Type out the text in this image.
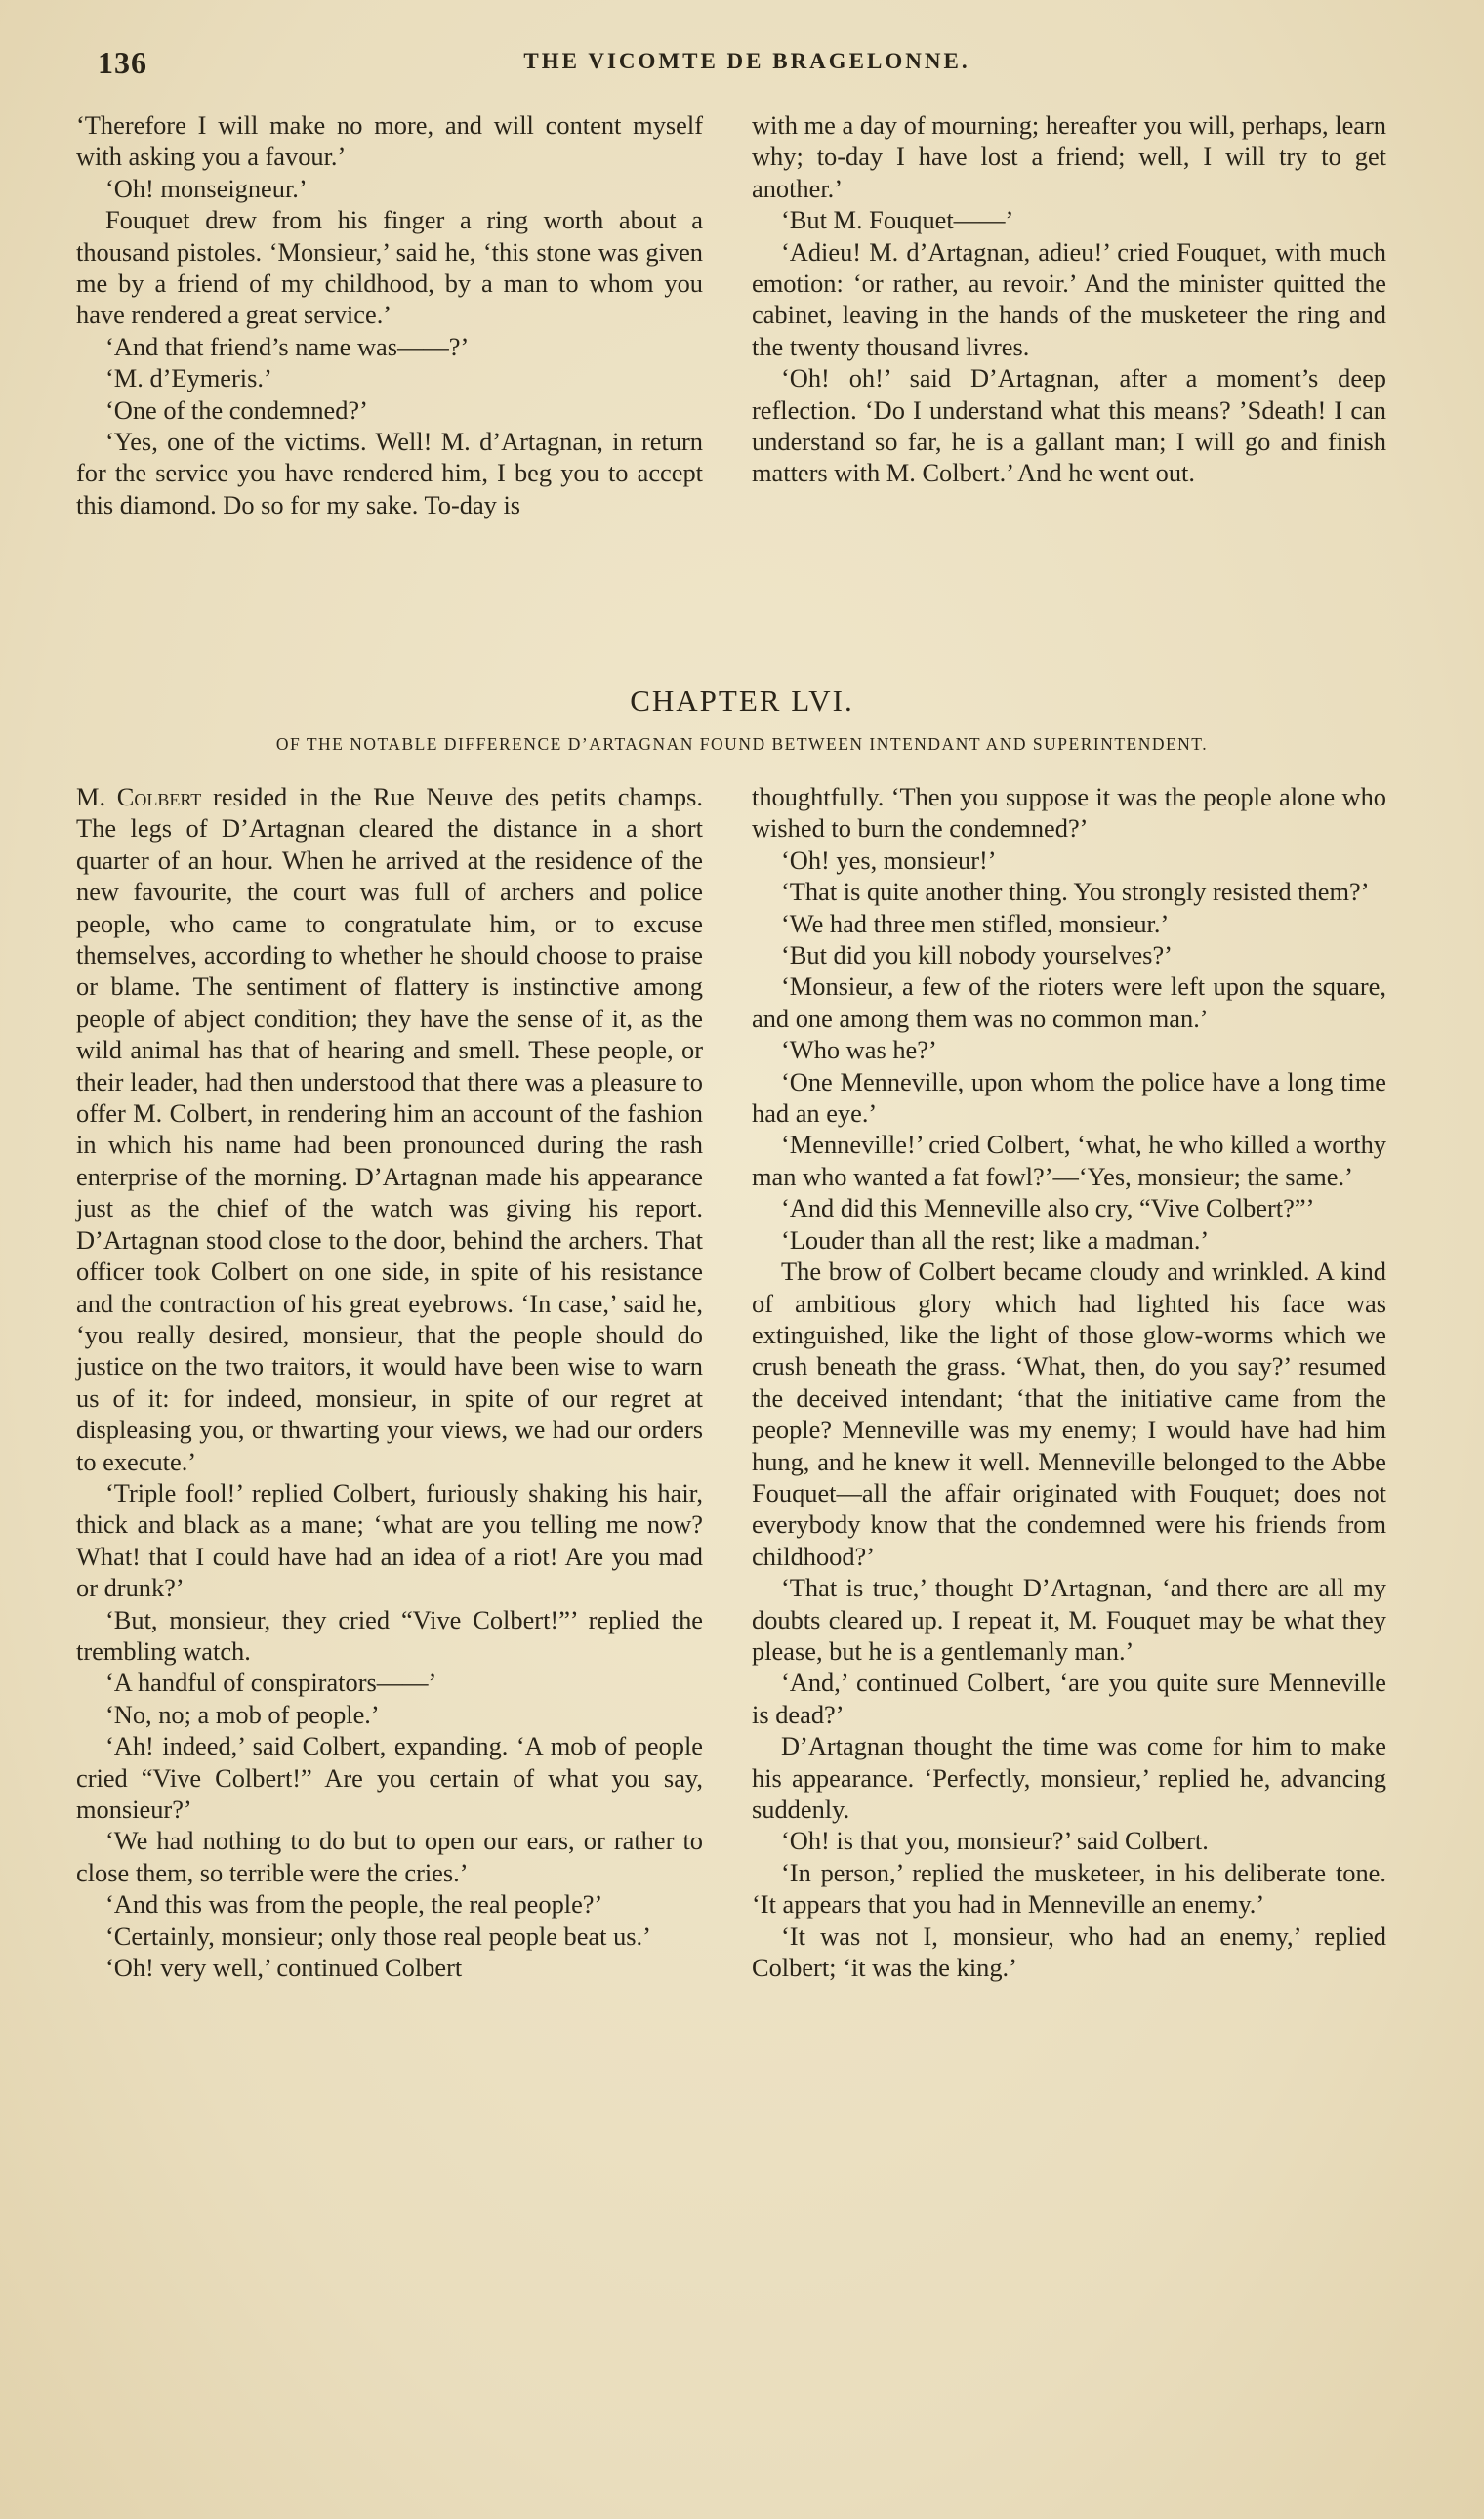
136	THE VICOMTE DE BRAGELONNE.

‘Therefore I will make no more, and will content myself with asking you a favour.’

‘Oh! monseigneur.’

Fouquet drew from his finger a ring worth about a thousand pistoles. ‘Monsieur,’ said he, ‘this stone was given me by a friend of my childhood, by a man to whom you have rendered a great service.’

‘And that friend’s name was——?’

‘M. d’Eymeris.’

‘One of the condemned?’

‘Yes, one of the victims. Well! M. d’Artagnan, in return for the service you have rendered him, I beg you to accept this diamond. Do so for my sake. To-day is

with me a day of mourning; hereafter you will, perhaps, learn why; to-day I have lost a friend; well, I will try to get another.’

‘But M. Fouquet——’

‘Adieu! M. d’Artagnan, adieu!’ cried Fouquet, with much emotion: ‘or rather, au revoir.’ And the minister quitted the cabinet, leaving in the hands of the musketeer the ring and the twenty thousand livres.

‘Oh! oh!’ said D’Artagnan, after a moment’s deep reflection. ‘Do I understand what this means? ’Sdeath! I can understand so far, he is a gallant man; I will go and finish matters with M. Colbert.’ And he went out.

CHAPTER LVI.
OF THE NOTABLE DIFFERENCE D’ARTAGNAN FOUND BETWEEN INTENDANT AND SUPERINTENDENT.

M. Colbert resided in the Rue Neuve des petits champs. The legs of D’Artagnan cleared the distance in a short quarter of an hour. When he arrived at the residence of the new favourite, the court was full of archers and police people, who came to congratulate him, or to excuse themselves, according to whether he should choose to praise or blame. The sentiment of flattery is instinctive among people of abject condition; they have the sense of it, as the wild animal has that of hearing and smell. These people, or their leader, had then understood that there was a pleasure to offer M. Colbert, in rendering him an account of the fashion in which his name had been pronounced during the rash enterprise of the morning. D’Artagnan made his appearance just as the chief of the watch was giving his report. D’Artagnan stood close to the door, behind the archers. That officer took Colbert on one side, in spite of his resistance and the contraction of his great eyebrows. ‘In case,’ said he, ‘you really desired, monsieur, that the people should do justice on the two traitors, it would have been wise to warn us of it: for indeed, monsieur, in spite of our regret at displeasing you, or thwarting your views, we had our orders to execute.’

‘Triple fool!’ replied Colbert, furiously shaking his hair, thick and black as a mane; ‘what are you telling me now? What! that I could have had an idea of a riot! Are you mad or drunk?’

‘But, monsieur, they cried “Vive Colbert!”’ replied the trembling watch.

‘A handful of conspirators——’

‘No, no; a mob of people.’

‘Ah! indeed,’ said Colbert, expanding. ‘A mob of people cried “Vive Colbert!” Are you certain of what you say, monsieur?’

‘We had nothing to do but to open our ears, or rather to close them, so terrible were the cries.’

‘And this was from the people, the real people?’

‘Certainly, monsieur; only those real people beat us.’

‘Oh! very well,’ continued Colbert

thoughtfully. ‘Then you suppose it was the people alone who wished to burn the condemned?’

‘Oh! yes, monsieur!’

‘That is quite another thing. You strongly resisted them?’

‘We had three men stifled, monsieur.’

‘But did you kill nobody yourselves?’

‘Monsieur, a few of the rioters were left upon the square, and one among them was no common man.’

‘Who was he?’

‘One Menneville, upon whom the police have a long time had an eye.’

‘Menneville!’ cried Colbert, ‘what, he who killed a worthy man who wanted a fat fowl?’—‘Yes, monsieur; the same.’

‘And did this Menneville also cry, “Vive Colbert?”’

‘Louder than all the rest; like a madman.’

The brow of Colbert became cloudy and wrinkled. A kind of ambitious glory which had lighted his face was extinguished, like the light of those glow-worms which we crush beneath the grass. ‘What, then, do you say?’ resumed the deceived intendant; ‘that the initiative came from the people? Menneville was my enemy; I would have had him hung, and he knew it well. Menneville belonged to the Abbe Fouquet—all the affair originated with Fouquet; does not everybody know that the condemned were his friends from childhood?’

‘That is true,’ thought D’Artagnan, ‘and there are all my doubts cleared up. I repeat it, M. Fouquet may be what they please, but he is a gentlemanly man.’

‘And,’ continued Colbert, ‘are you quite sure Menneville is dead?’

D’Artagnan thought the time was come for him to make his appearance. ‘Perfectly, monsieur,’ replied he, advancing suddenly.

‘Oh! is that you, monsieur?’ said Colbert.

‘In person,’ replied the musketeer, in his deliberate tone. ‘It appears that you had in Menneville an enemy.’

‘It was not I, monsieur, who had an enemy,’ replied Colbert; ‘it was the king.’
